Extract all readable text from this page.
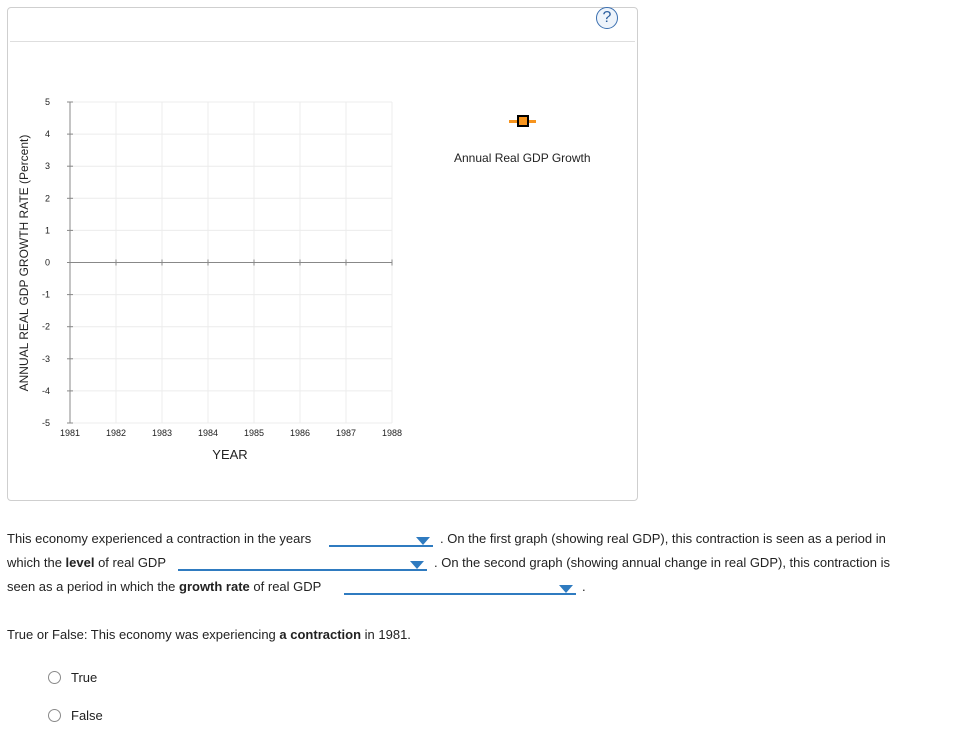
?
5
4
3
2
1
0
-1
-2
-3
-4
-5
1981	1982	1983	1984	1985	1986	1987	1988
ANNUAL REAL GDP GROWTH RATE (Percent)
YEAR
Annual Real GDP Growth
This economy experienced a contraction in the years	. On the first graph (showing real GDP), this contraction is seen as a period in
which the level of real GDP	. On the second graph (showing annual change in real GDP), this contraction is
seen as a period in which the growth rate of real GDP	.
True or False: This economy was experiencing a contraction in 1981.
True
False
